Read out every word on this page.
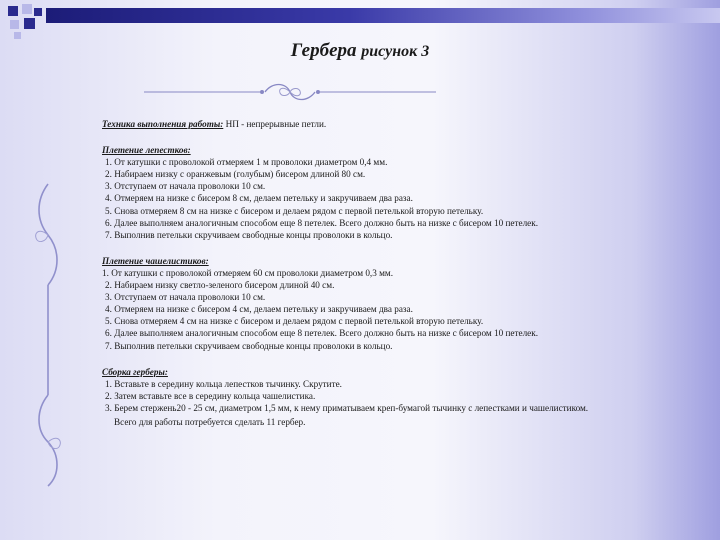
Гербера рисунок 3
Техника выполнения работы: НП - непрерывные петли.
Плетение лепестков:
1. От катушки с проволокой отмеряем 1 м проволоки диаметром 0,4 мм.
2. Набираем низку с оранжевым (голубым) бисером длиной 80 см.
3. Отступаем от начала проволоки 10 см.
4. Отмеряем на низке с бисером 8 см, делаем петельку и закручиваем два раза.
5. Снова отмеряем 8 см на низке с бисером и делаем рядом с первой петелькой вторую петельку.
6. Далее выполняем аналогичным способом еще 8 петелек. Всего должно быть на низке с бисером 10 петелек.
7. Выполнив петельки скручиваем свободные концы проволоки в кольцо.
Плетение чашелистиков:
1. От катушки с проволокой отмеряем 60 см проволоки диаметром 0,3 мм.
2. Набираем низку светло-зеленого бисером длиной 40 см.
3. Отступаем от начала проволоки 10 см.
4. Отмеряем на низке с бисером 4 см, делаем петельку и закручиваем два раза.
5. Снова отмеряем 4 см на низке с бисером и делаем рядом с первой петелькой вторую петельку.
6. Далее выполняем аналогичным способом еще 8 петелек. Всего должно быть на низке с бисером 10 петелек.
7. Выполнив петельки скручиваем свободные концы проволоки в кольцо.
Сборка герберы:
1. Вставьте в середину кольца лепестков тычинку. Скрутите.
2. Затем вставьте все в середину кольца чашелистика.
3. Берем стержень20 - 25 см, диаметром 1,5 мм, к нему приматываем креп-бумагой тычинку с лепестками и чашелистиком.
Всего для работы потребуется сделать 11 гербер.
